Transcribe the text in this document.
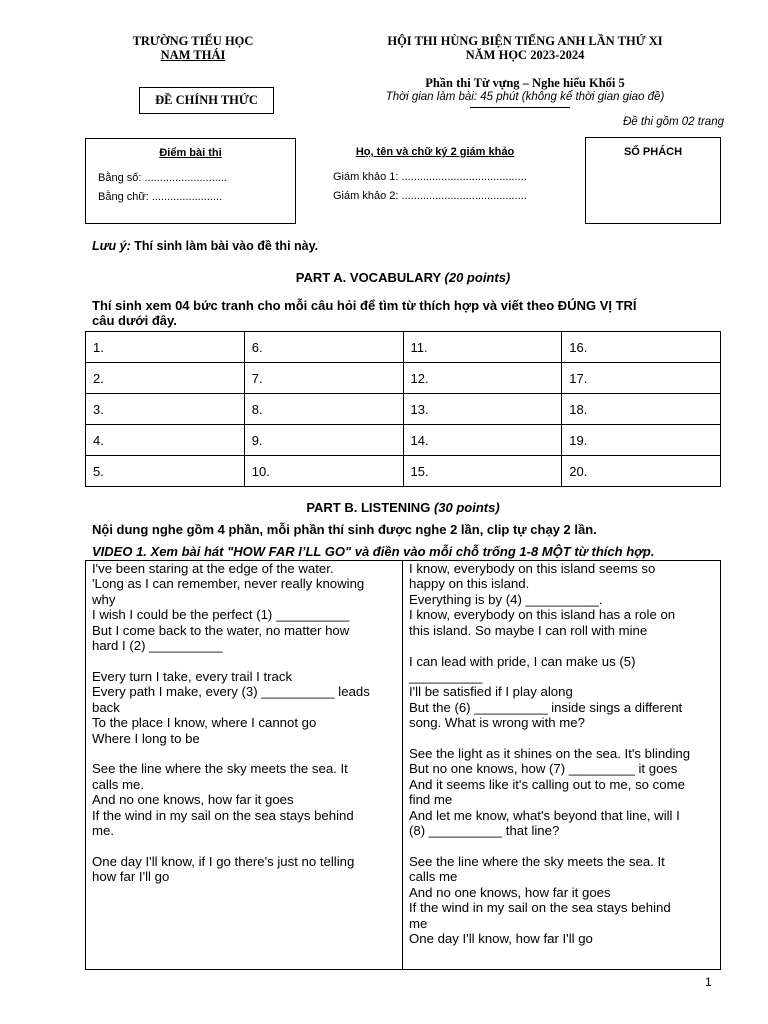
TRƯỜNG TIỂU HỌC
NAM THÁI
HỘI THI HÙNG BIỆN TIẾNG ANH LẦN THỨ XI
NĂM HỌC 2023-2024
ĐỀ CHÍNH THỨC
Phần thi Từ vựng – Nghe hiểu Khối 5
Thời gian làm bài: 45 phút (không kể thời gian giao đề)
Đề thi gồm 02 trang
Điểm bài thi
Bằng số: ...........................
Bằng chữ: .......................
Họ, tên và chữ ký 2 giám khảo
Giám khảo 1: .........................................
Giám khảo 2: .........................................
SỐ PHÁCH
Lưu ý: Thí sinh làm bài vào đề thi này.
PART A. VOCABULARY (20 points)
Thí sinh xem 04 bức tranh cho mỗi câu hỏi để tìm từ thích hợp và viết theo ĐÚNG VỊ TRÍ
câu dưới đây.
1.	6.	11.	16.
2.	7.	12.	17.
3.	8.	13.	18.
4.	9.	14.	19.
5.	10.	15.	20.
PART B. LISTENING (30 points)
Nội dung nghe gồm 4 phần, mỗi phần thí sinh được nghe 2 lần, clip tự chạy 2 lần.
VIDEO 1. Xem bài hát "HOW FAR I’LL GO" và điền vào mỗi chỗ trống 1-8 MỘT từ thích hợp.
I've been staring at the edge of the water.
'Long as I can remember, never really knowing
why
I wish I could be the perfect (1) __________
But I come back to the water, no matter how
hard I (2) __________
Every turn I take, every trail I track
Every path I make, every (3) __________ leads
back
To the place I know, where I cannot go
Where I long to be
See the line where the sky meets the sea. It
calls me.
And no one knows, how far it goes
If the wind in my sail on the sea stays behind
me.
One day I'll know, if I go there's just no telling
how far I'll go
I know, everybody on this island seems so
happy on this island.
Everything is by (4) __________.
I know, everybody on this island has a role on
this island. So maybe I can roll with mine
I can lead with pride, I can make us (5)
__________
I'll be satisfied if I play along
But the (6) __________ inside sings a different
song. What is wrong with me?
See the light as it shines on the sea. It's blinding
But no one knows, how (7) _________ it goes
And it seems like it's calling out to me, so come
find me
And let me know, what's beyond that line, will I
(8) __________ that line?
See the line where the sky meets the sea. It
calls me
And no one knows, how far it goes
If the wind in my sail on the sea stays behind
me
One day I'll know, how far I'll go
1
